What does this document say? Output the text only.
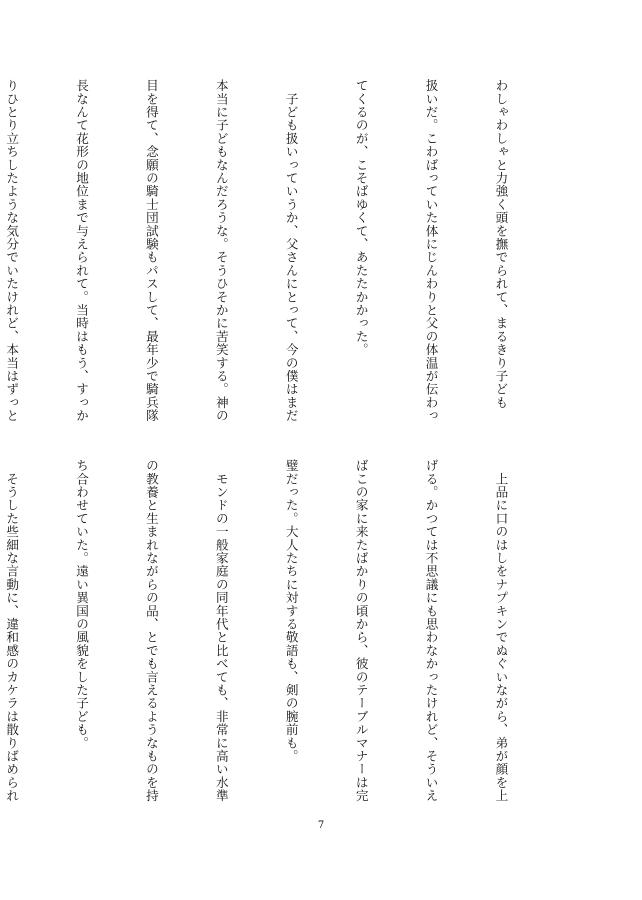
わしゃわしゃと力強く頭を撫でられて、まるきり子ども

扱いだ。こわばっていた体にじんわりと父の体温が伝わっ

てくるのが、こそばゆくて、あたたかかった。

　子ども扱いっていうか、父さんにとって、今の僕はまだ

本当に子どもなんだろうな。そうひそかに苦笑する。神の

目を得て、念願の騎士団試験もパスして、最年少で騎兵隊

長なんて花形の地位まで与えられて。当時はもう、すっか

りひとり立ちしたような気分でいたけれど、本当はずっと

　上品に口のはしをナプキンでぬぐいながら、弟が顔を上

げる。かつては不思議にも思わなかったけれど、そういえ

ばこの家に来たばかりの頃から、彼のテーブルマナーは完

璧だった。大人たちに対する敬語も、剣の腕前も。

　モンドの一般家庭の同年代と比べても、非常に高い水準

の教養と生まれながらの品、とでも言えるようなものを持

ち合わせていた。遠い異国の風貌をした子ども。

　そうした些細な言動に、違和感のカケラは散りばめられ

7
